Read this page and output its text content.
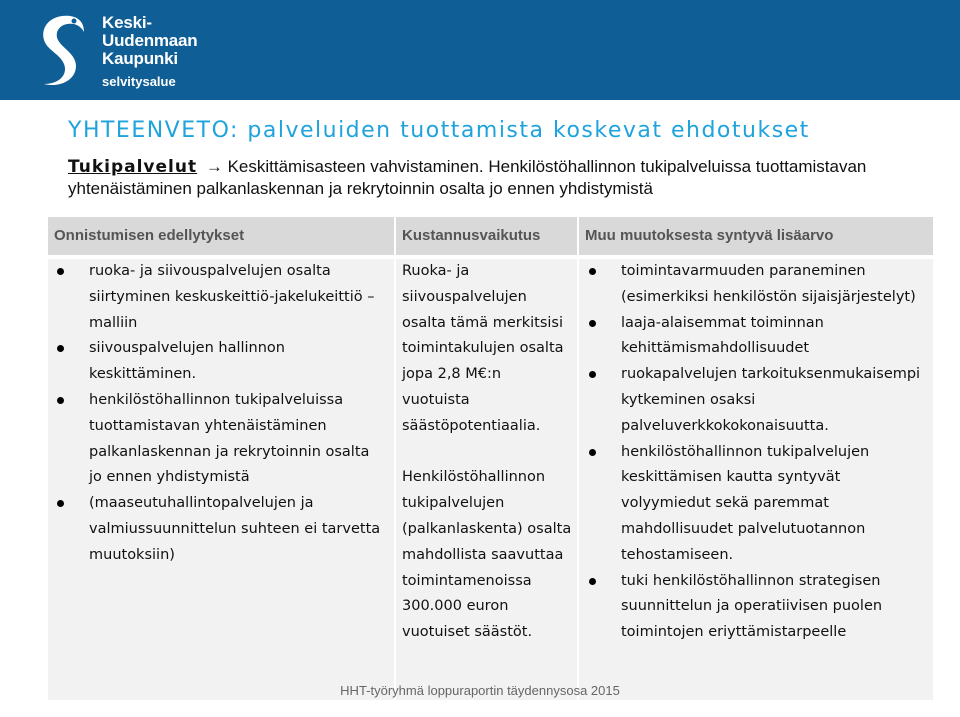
Keski-
Uudenmaan
Kaupunki
selvitysalue
YHTEENVETO: palveluiden tuottamista koskevat ehdotukset
Tukipalvelut → Keskittämisasteen vahvistaminen. Henkilöstöhallinnon tukipalveluissa tuottamistavan yhtenäistäminen palkanlaskennan ja rekrytoinnin osalta jo ennen yhdistymistä
Onnistumisen edellytykset	Kustannusvaikutus	Muu muutoksesta syntyvä lisäarvo
ruoka- ja siivouspalvelujen osalta siirtyminen keskuskeittiö-jakelukeittiö – malliin
siivouspalvelujen hallinnon keskittäminen.
henkilöstöhallinnon tukipalveluissa tuottamistavan yhtenäistäminen palkanlaskennan ja rekrytoinnin osalta jo ennen yhdistymistä
(maaseutuhallintopalvelujen ja valmiussuunnittelun suhteen ei tarvetta muutoksiin)

Ruoka- ja siivouspalvelujen osalta tämä merkitsisi toimintakulujen osalta jopa 2,8 M€:n vuotuista säästöpotentiaalia.

Henkilöstöhallinnon tukipalvelujen (palkanlaskenta) osalta mahdollista saavuttaa toimintamenoissa 300.000 euron vuotuiset säästöt.

toimintavarmuuden paraneminen (esimerkiksi henkilöstön sijaisjärjestelyt)
laaja-alaisemmat toiminnan kehittämismahdollisuudet
ruokapalvelujen tarkoituksenmukaisempi kytkeminen osaksi palveluverkkokokonaisuutta.
henkilöstöhallinnon tukipalvelujen keskittämisen kautta syntyvät volyymiedut sekä paremmat mahdollisuudet palvelutuotannon tehostamiseen.
tuki henkilöstöhallinnon strategisen suunnittelun ja operatiivisen puolen toimintojen eriyttämistarpeelle
HHT-työryhmä loppuraportin täydennysosa 2015
